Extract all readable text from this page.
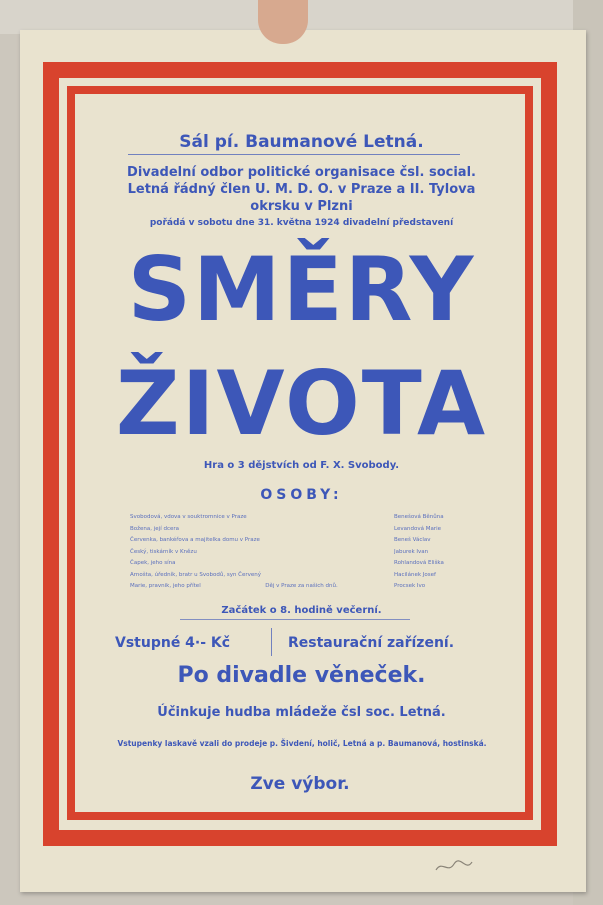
Sál pí. Baumanové Letná.
Divadelní odbor politické organisace čsl. social.
Letná řádný člen U. M. D. O. v Praze a II. Tylova
okrsku v Plzni
pořádá v sobotu dne 31. května 1924 divadelní představení
SMĚRY
ŽIVOTA
Hra o 3 dějstvích od F. X. Svobody.
OSOBY:
Svobodová, vdova v souktromnice v Praze
Božena, její dcera
Červenka, bankéřova a majitelka domu v Praze
Český, tiskárník v Knězu
Čapek, jeho sína
Arnošta, úředník, bratr u Svobodů, syn Červený
Marie, pravnik, jeho přítel
Benešová Běnůna
Levandová Marie
Beneš Václav
Jaburek Ivan
Rohlandová Eliška
Hacilánek Josef
Procsek Ivo
Děj v Praze za našich dnů.
Začátek o 8. hodině večerní.
Vstupné 4·- Kč	Restaurační zařízení.
Po divadle věneček.
Účinkuje hudba mládeže čsl soc. Letná.
Vstupenky laskavě vzali do prodeje p. Šivdení, holič, Letná a p. Baumanová, hostinská.
Zve výbor.
